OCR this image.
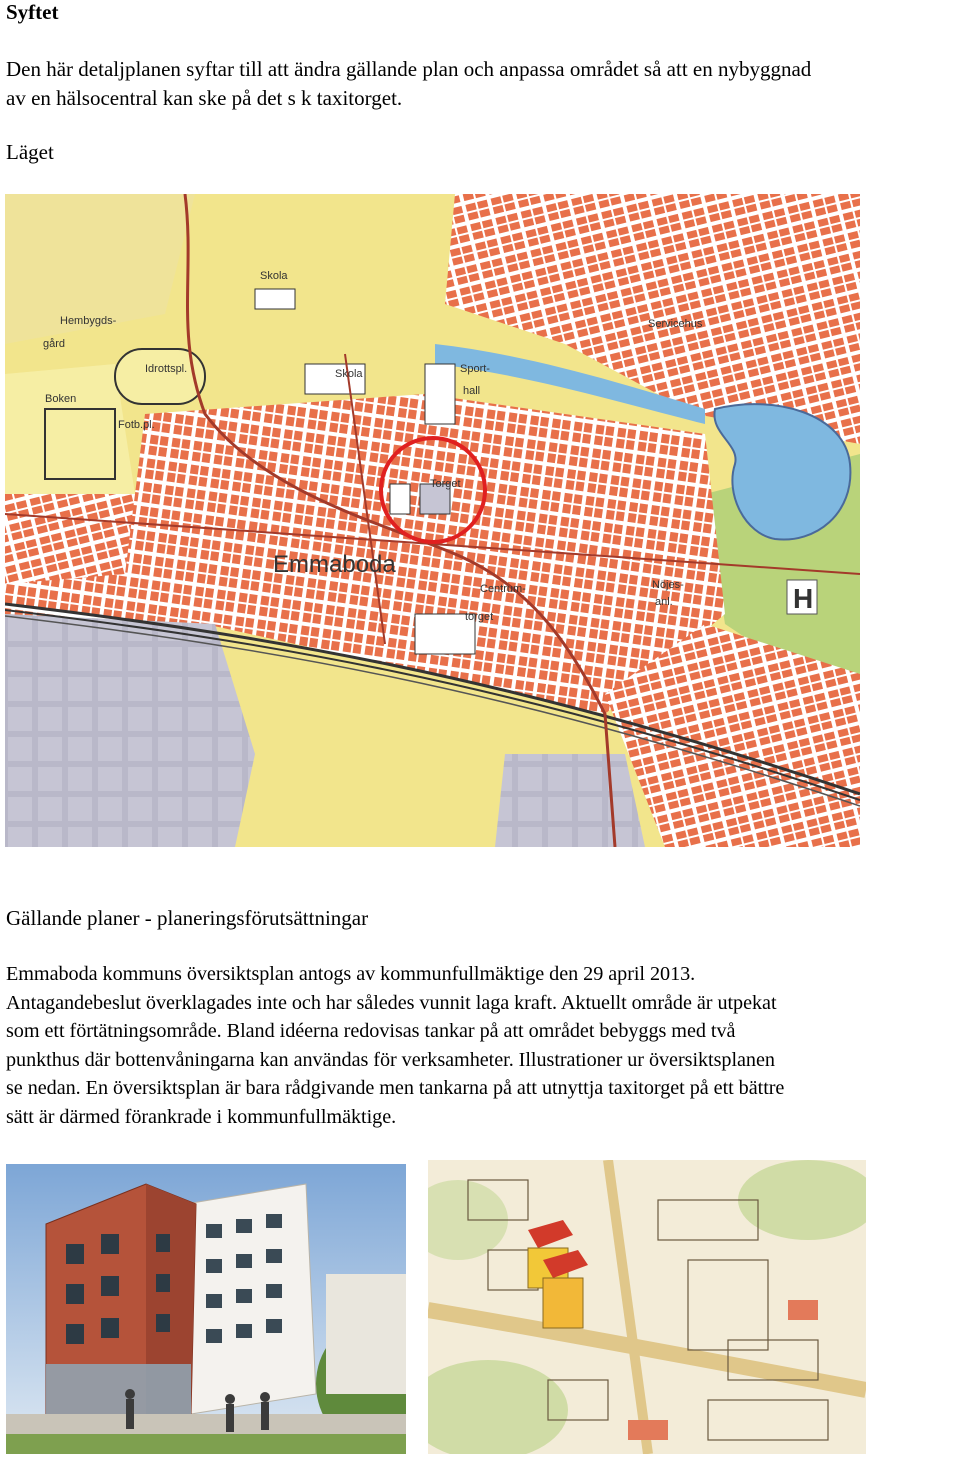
Syftet
Den här detaljplanen syftar till att ändra gällande plan och anpassa området så att en nybyggnad
av en hälsocentral kan ske på det s k taxitorget.
Läget
Skola
Hembygds-
gård
Idrottspl.	Skola	Sport-
hall
Servicehus
Boken
Fotb.pl.
Torget
Emmaboda
Nöjes-
anl.
Centrum-
torget
H
Gällande planer - planeringsförutsättningar
Emmaboda kommuns översiktsplan antogs av kommunfullmäktige den 29 april 2013.
Antagandebeslut överklagades inte och har således vunnit laga kraft. Aktuellt område är utpekat
som ett förtätningsområde. Bland idéerna redovisas tankar på att området bebyggs med två
punkthus där bottenvåningarna kan användas för verksamheter. Illustrationer ur översiktsplanen
se nedan. En översiktsplan är bara rådgivande men tankarna på att utnyttja taxitorget på ett bättre
sätt är därmed förankrade i kommunfullmäktige.
